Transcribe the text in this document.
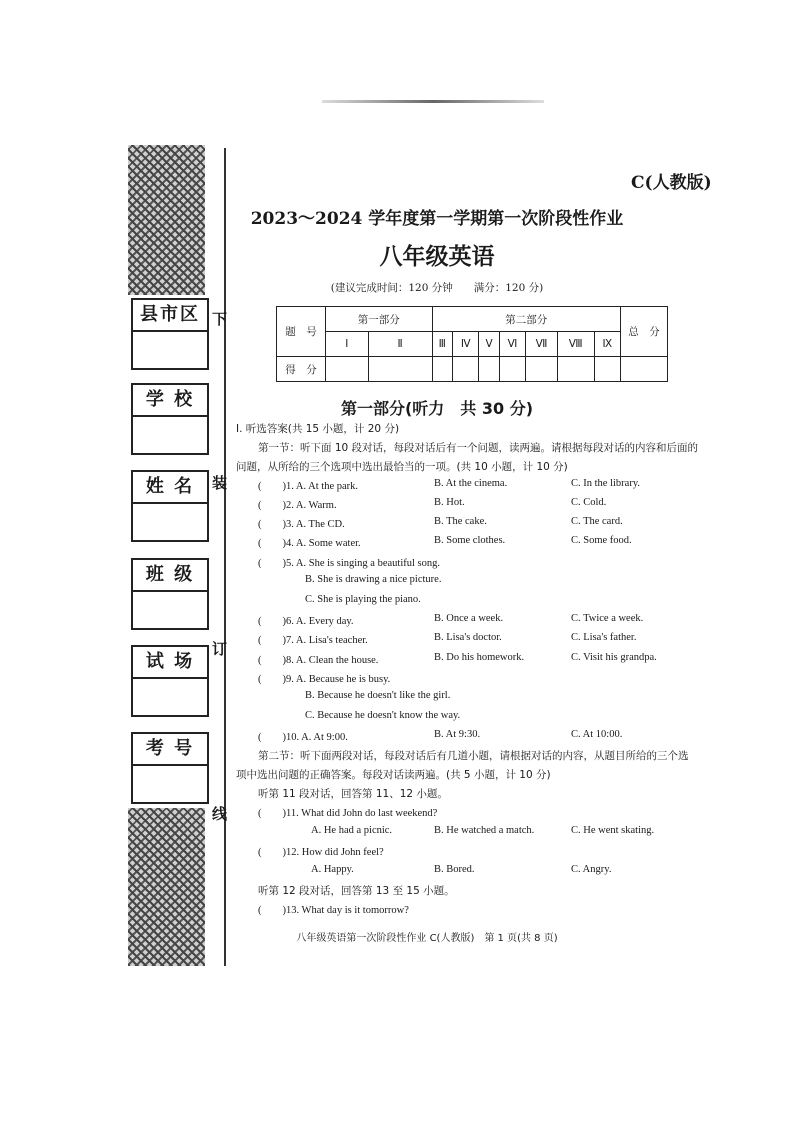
下
装
订
线
县市区
学 校
姓 名
班 级
试 场
考 号
C(人教版)
2023～2024 学年度第一学期第一次阶段性作业
八年级英语
(建议完成时间：120 分钟　　满分：120 分)
题　号	第一部分		第二部分							总　分
	Ⅰ	Ⅱ	Ⅲ	Ⅳ	Ⅴ	Ⅵ	Ⅶ	Ⅷ	Ⅸ	
得　分										
第一部分(听力　共 30 分)
Ⅰ. 听选答案(共 15 小题，计 20 分)
第一节：听下面 10 段对话，每段对话后有一个问题，读两遍。请根据每段对话的内容和后面的
问题，从所给的三个选项中选出最恰当的一项。(共 10 小题，计 10 分)
(　　)1. A. At the park.	B. At the cinema.	C. In the library.
(　　)2. A. Warm.	B. Hot.	C. Cold.
(　　)3. A. The CD.	B. The cake.	C. The card.
(　　)4. A. Some water.	B. Some clothes.	C. Some food.
(　　)5. A. She is singing a beautiful song.
B. She is drawing a nice picture.
C. She is playing the piano.
(　　)6. A. Every day.	B. Once a week.	C. Twice a week.
(　　)7. A. Lisa's teacher.	B. Lisa's doctor.	C. Lisa's father.
(　　)8. A. Clean the house.	B. Do his homework.	C. Visit his grandpa.
(　　)9. A. Because he is busy.
B. Because he doesn't like the girl.
C. Because he doesn't know the way.
(　　)10. A. At 9:00.	B. At 9:30.	C. At 10:00.
第二节：听下面两段对话，每段对话后有几道小题，请根据对话的内容，从题目所给的三个选
项中选出问题的正确答案。每段对话读两遍。(共 5 小题，计 10 分)
听第 11 段对话，回答第 11、12 小题。
(　　)11. What did John do last weekend?
A. He had a picnic.	B. He watched a match.	C. He went skating.
(　　)12. How did John feel?
A. Happy.	B. Bored.	C. Angry.
听第 12 段对话，回答第 13 至 15 小题。
(　　)13. What day is it tomorrow?
八年级英语第一次阶段性作业 C(人教版)　第 1 页(共 8 页)
